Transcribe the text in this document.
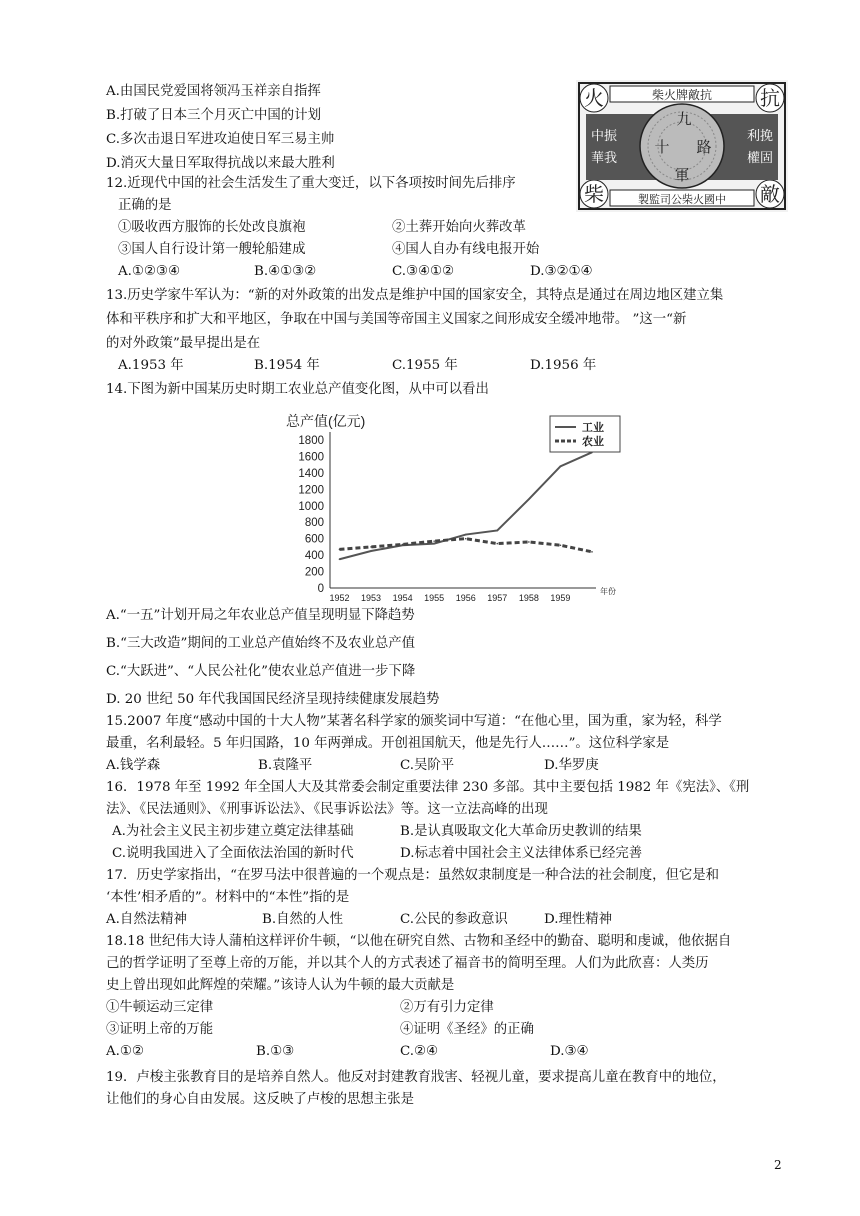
A.由国民党爱国将领冯玉祥亲自指挥
B.打破了日本三个月灭亡中国的计划
C.多次击退日军进攻迫使日军三易主帅
D.消灭大量日军取得抗战以来最大胜利
火	抗
柴	敵
柴火牌敵抗
製監司公柴火國中
中振
華我
利挽
權固
九
十 路
軍
12.近现代中国的社会生活发生了重大变迁，以下各项按时间先后排序
正确的是
①吸收西方服饰的长处改良旗袍	②土葬开始向火葬改革
③国人自行设计第一艘轮船建成	④国人自办有线电报开始
A.①②③④	B.④①③②	C.③④①②	D.③②①④
13.历史学家牛军认为：“新的对外政策的出发点是维护中国的国家安全，其特点是通过在周边地区建立集
体和平秩序和扩大和平地区，争取在中国与美国等帝国主义国家之间形成安全缓冲地带。 ”这一“新
的对外政策”最早提出是在
A.1953 年	B.1954 年	C.1955 年	D.1956 年
14.下图为新中国某历史时期工农业总产值变化图，从中可以看出
总产值(亿元)
0
200
400
600
800
1000
1200
1400
1600
1800
1952 1953 1954 1955 1956 1957 1958 1959
年份
工业
农业
A.“一五”计划开局之年农业总产值呈现明显下降趋势
B.“三大改造”期间的工业总产值始终不及农业总产值
C.“大跃进”、“人民公社化”使农业总产值进一步下降
D. 20 世纪 50 年代我国国民经济呈现持续健康发展趋势
15.2007 年度“感动中国的十大人物”某著名科学家的颁奖词中写道：“在他心里，国为重，家为轻，科学
最重，名利最轻。5 年归国路，10 年两弹成。开创祖国航天，他是先行人……”。这位科学家是
A.钱学森	B.袁隆平	C.吴阶平	D.华罗庚
16．1978 年至 1992 年全国人大及其常委会制定重要法律 230 多部。其中主要包括 1982 年《宪法》、《刑
法》、《民法通则》、《刑事诉讼法》、《民事诉讼法》等。这一立法高峰的出现
A.为社会主义民主初步建立奠定法律基础	B.是认真吸取文化大革命历史教训的结果
C.说明我国进入了全面依法治国的新时代	D.标志着中国社会主义法律体系已经完善
17．历史学家指出，“在罗马法中很普遍的一个观点是：虽然奴隶制度是一种合法的社会制度，但它是和
‘本性’相矛盾的”。材料中的“本性”指的是
A.自然法精神	B.自然的人性	C.公民的参政意识	D.理性精神
18.18 世纪伟大诗人蒲柏这样评价牛顿，“以他在研究自然、古物和圣经中的勤奋、聪明和虔诚，他依据自
己的哲学证明了至尊上帝的万能，并以其个人的方式表述了福音书的简明至理。人们为此欣喜：人类历
史上曾出现如此辉煌的荣耀。”该诗人认为牛顿的最大贡献是
①牛顿运动三定律	②万有引力定律
③证明上帝的万能	④证明《圣经》的正确
A.①②	B.①③	C.②④	D.③④
19．卢梭主张教育目的是培养自然人。他反对封建教育戕害、轻视儿童，要求提高儿童在教育中的地位，
让他们的身心自由发展。这反映了卢梭的思想主张是
2
